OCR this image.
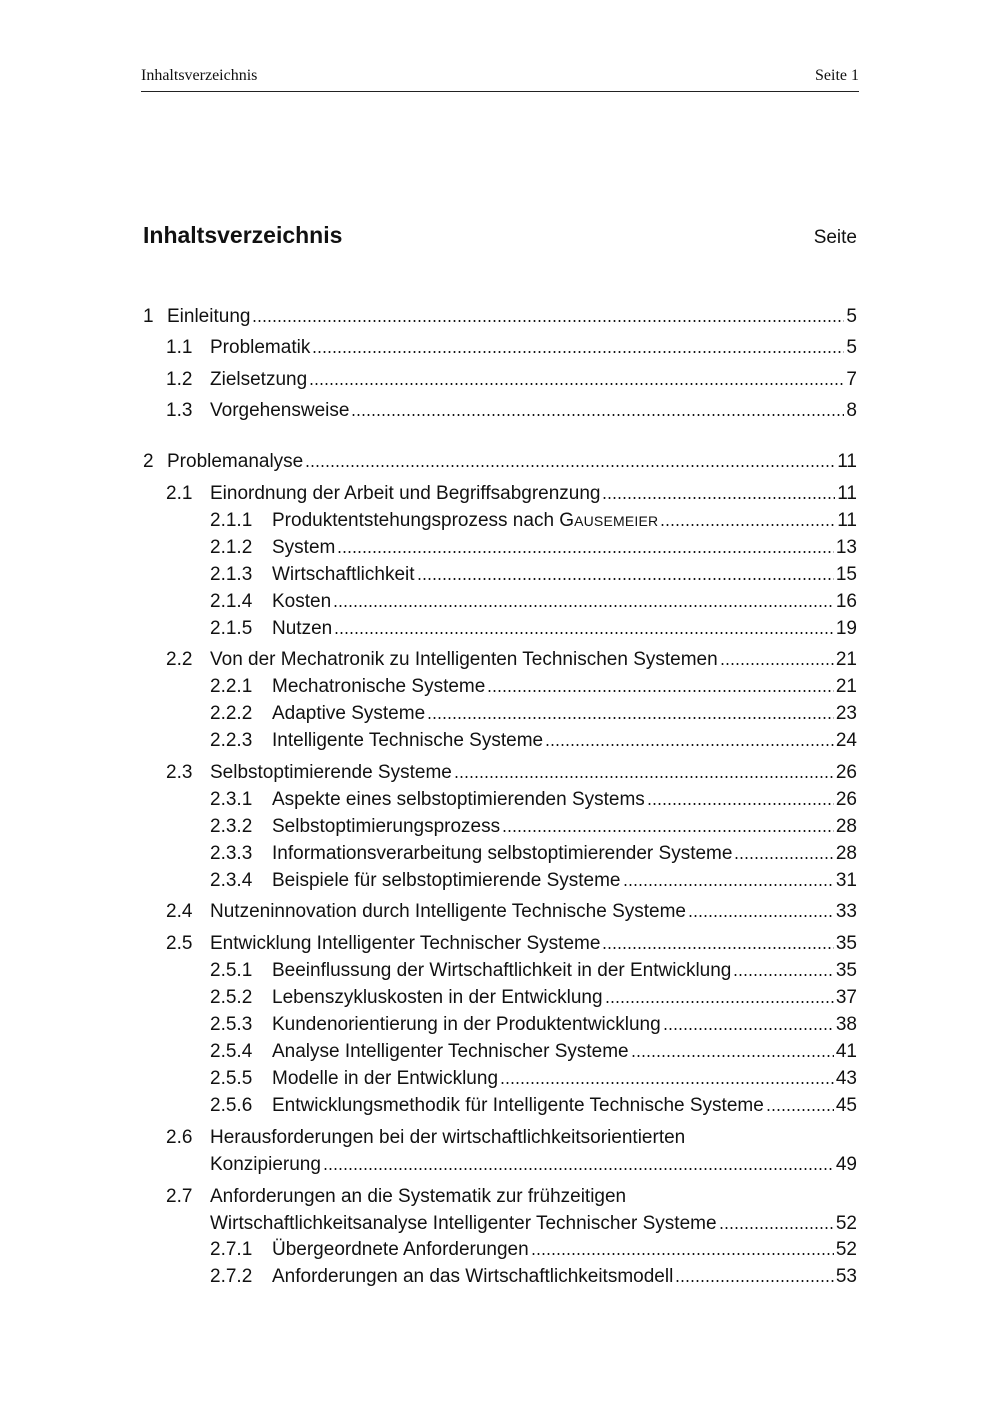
Inhaltsverzeichnis	Seite 1
Inhaltsverzeichnis	Seite
1 Einleitung	5
1.1 Problematik	5
1.2 Zielsetzung	7
1.3 Vorgehensweise	8
2 Problemanalyse	11
2.1 Einordnung der Arbeit und Begriffsabgrenzung	11
2.1.1	Produktentstehungsprozess nach GAUSEMEIER	11
2.1.2	System	13
2.1.3	Wirtschaftlichkeit	15
2.1.4	Kosten	16
2.1.5	Nutzen	19
2.2 Von der Mechatronik zu Intelligenten Technischen Systemen	21
2.2.1	Mechatronische Systeme	21
2.2.2	Adaptive Systeme	23
2.2.3	Intelligente Technische Systeme	24
2.3 Selbstoptimierende Systeme	26
2.3.1	Aspekte eines selbstoptimierenden Systems	26
2.3.2	Selbstoptimierungsprozess	28
2.3.3	Informationsverarbeitung selbstoptimierender Systeme	28
2.3.4	Beispiele für selbstoptimierende Systeme	31
2.4 Nutzeninnovation durch Intelligente Technische Systeme	33
2.5 Entwicklung Intelligenter Technischer Systeme	35
2.5.1	Beeinflussung der Wirtschaftlichkeit in der Entwicklung	35
2.5.2	Lebenszykluskosten in der Entwicklung	37
2.5.3	Kundenorientierung in der Produktentwicklung	38
2.5.4	Analyse Intelligenter Technischer Systeme	41
2.5.5	Modelle in der Entwicklung	43
2.5.6	Entwicklungsmethodik für Intelligente Technische Systeme	45
2.6 Herausforderungen bei der wirtschaftlichkeitsorientierten
Konzipierung	49
2.7 Anforderungen an die Systematik zur frühzeitigen
Wirtschaftlichkeitsanalyse Intelligenter Technischer Systeme	52
2.7.1	Übergeordnete Anforderungen	52
2.7.2	Anforderungen an das Wirtschaftlichkeitsmodell	53
